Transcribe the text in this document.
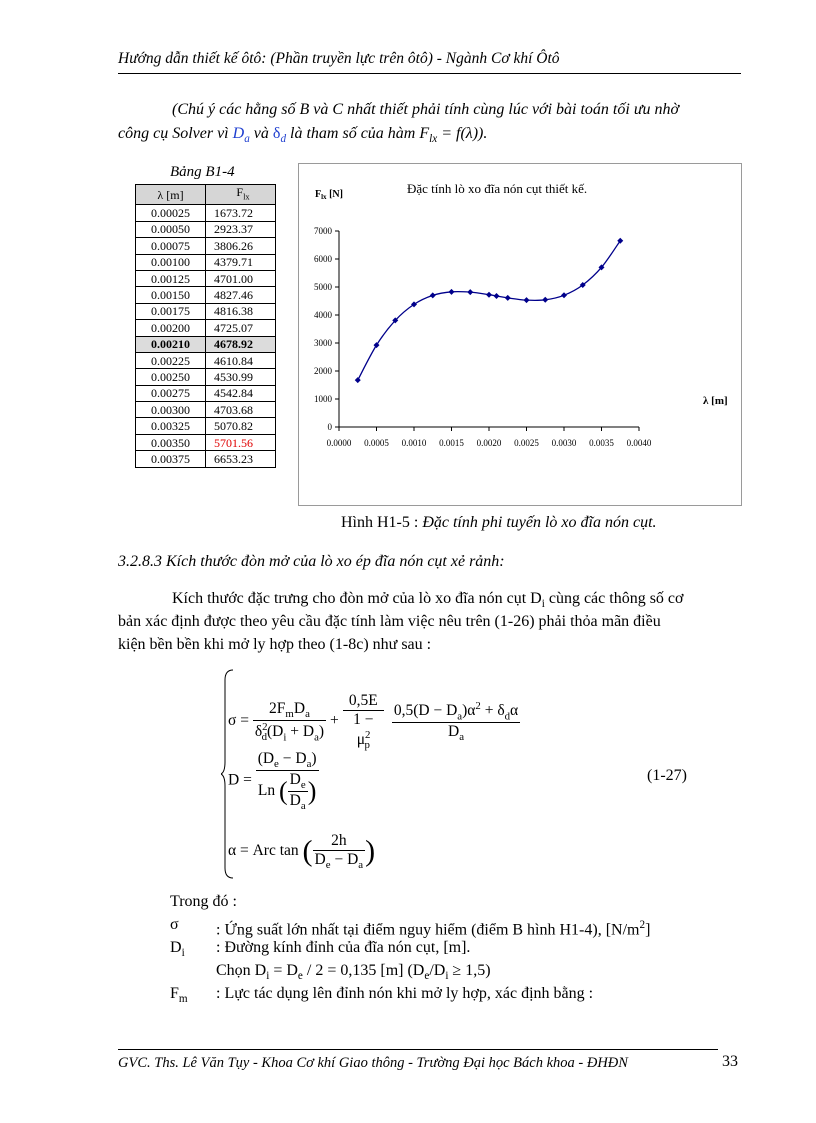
Hướng dẫn thiết kế ôtô: (Phần truyền lực trên ôtô) - Ngành Cơ khí Ôtô
(Chú ý các hằng số B và C nhất thiết phải tính cùng lúc với bài toán tối ưu nhờ
công cụ Solver vì $D_a$ và $\delta_d$ là tham số của hàm $F_{lx} = f(\lambda)$).
Bảng B1-4
λ [m]	$F_{lx}$
0.00025	1673.72
0.00050	2923.37
0.00075	3806.26
0.00100	4379.71
0.00125	4701.00
0.00150	4827.46
0.00175	4816.38
0.00200	4725.07
0.00210	4678.92
0.00225	4610.84
0.00250	4530.99
0.00275	4542.84
0.00300	4703.68
0.00325	5070.82
0.00350	5701.56
0.00375	6653.23
0
1000
2000
3000
4000
5000
6000
7000
0.0000 0.0005 0.0010 0.0015 0.0020 0.0025 0.0030 0.0035 0.0040
Đặc tính lò xo đĩa nón cụt thiết kế.
$F_{lx}$ [N]
λ [m]
Hình H1-5 : Đặc tính phi tuyến lò xo đĩa nón cụt.
3.2.8.3 Kích thước đòn mở của lò xo ép đĩa nón cụt xẻ rảnh:
Kích thước đặc trưng cho đòn mở của lò xo đĩa nón cụt $D_i$ cùng các thông số cơ
bản xác định được theo yêu cầu đặc tính làm việc nêu trên (1-26) phải thỏa mãn điều
kiện bền bền khi mở ly hợp theo (1-8c) như sau :
$\sigma = \frac{2F_mD_a}{\delta^2_d(D_i + D_a)} + \frac{0,5E}{1 - \mu^2_p}$
$\frac{0,5(D - D_a)\alpha^2 + \delta_d\alpha}{D_a}$
$D = \frac{(D_e - D_a)}{Ln ( \frac{D_e}{D_a} )}$	(1-27)
α = Arc tan ( $\frac{2h}{D_e - D_a}$ )
Trong đó :
σ : Ứng suất lớn nhất tại điểm nguy hiểm (điểm B hình H1-4), $[N/m^2]$
$D_i$ : Đường kính đỉnh của đĩa nón cụt, [m].
Chọn $D_i = D_e / 2 = 0,135$ [m] $(D_e/D_i \ge 1,5)$
$F_m$ : Lực tác dụng lên đỉnh nón khi mở ly hợp, xác định bằng :
GVC. Ths. Lê Văn Tụy - Khoa Cơ khí Giao thông - Trường Đại học Bách khoa - ĐHĐN	33
